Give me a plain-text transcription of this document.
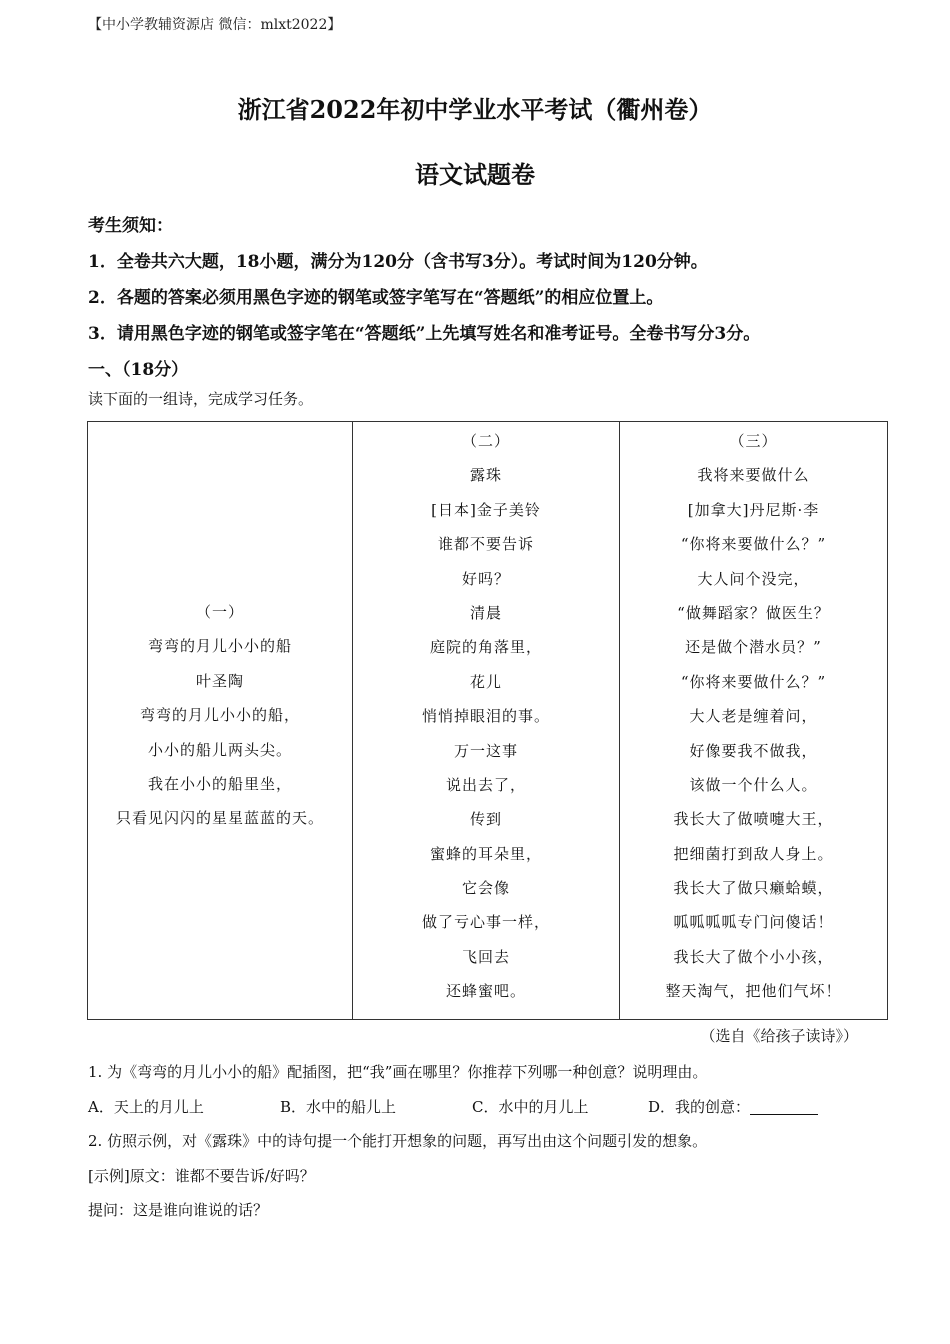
【中小学教辅资源店 微信：mlxt2022】
浙江省2022年初中学业水平考试（衢州卷）
语文试题卷
考生须知：
1．全卷共六大题，18小题，满分为120分（含书写3分）。考试时间为120分钟。
2．各题的答案必须用黑色字迹的钢笔或签字笔写在“答题纸”的相应位置上。
3．请用黑色字迹的钢笔或签字笔在“答题纸”上先填写姓名和准考证号。全卷书写分3分。
一、（18分）
读下面的一组诗，完成学习任务。
（一）
弯弯的月儿小小的船
叶圣陶
弯弯的月儿小小的船，
小小的船儿两头尖。
我在小小的船里坐，
只看见闪闪的星星蓝蓝的天。

（二）
露珠
[日本]金子美铃
谁都不要告诉
好吗？
清晨
庭院的角落里，
花儿
悄悄掉眼泪的事。
万一这事
说出去了，
传到
蜜蜂的耳朵里，
它会像
做了亏心事一样，
飞回去
还蜂蜜吧。

（三）
我将来要做什么
[加拿大]丹尼斯·李
“你将来要做什么？”
大人问个没完，
“做舞蹈家？做医生？
还是做个潜水员？”
“你将来要做什么？”
大人老是缠着问，
好像要我不做我，
该做一个什么人。
我长大了做喷嚏大王，
把细菌打到敌人身上。
我长大了做只癞蛤蟆，
呱呱呱呱专门问傻话！
我长大了做个小小孩，
整天淘气，把他们气坏！
（选自《给孩子读诗》）
1. 为《弯弯的月儿小小的船》配插图，把“我”画在哪里？你推荐下列哪一种创意？说明理由。
A．天上的月儿上	B．水中的船儿上	C．水中的月儿上	D．我的创意：
2. 仿照示例，对《露珠》中的诗句提一个能打开想象的问题，再写出由这个问题引发的想象。
[示例]原文：谁都不要告诉/好吗？
提问：这是谁向谁说的话？
